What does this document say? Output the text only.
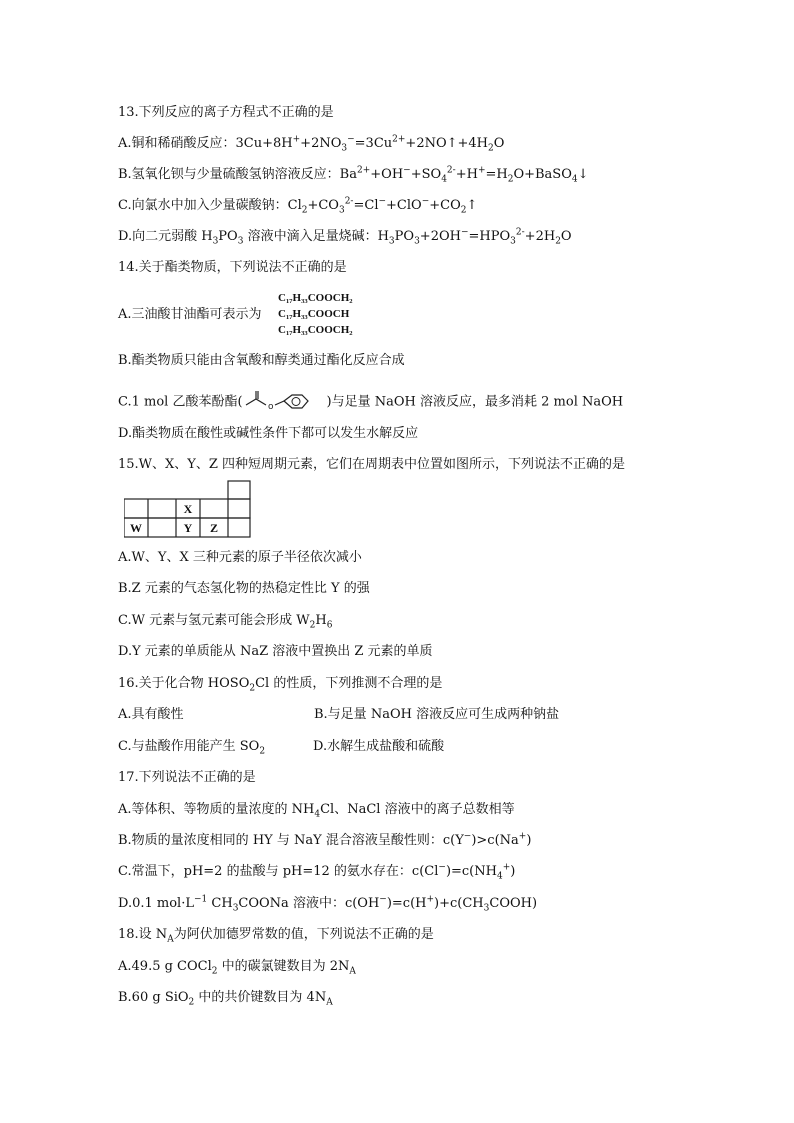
13.下列反应的离子方程式不正确的是
A.铜和稀硝酸反应：$3Cu+8H^++2NO_3^-=3Cu^{2+}+2NO↑+4H_2O$
B.氢氧化钡与少量硫酸氢钠溶液反应：$Ba^{2+}+OH^-+SO_4^{2-}+H^+=H_2O+BaSO_4↓$
C.向氯水中加入少量碳酸钠：$Cl_2+CO_3^{2-}=Cl^-+ClO^-+CO_2↑$
D.向二元弱酸 $H_3PO_3$ 溶液中滴入足量烧碱：$H_3PO_3+2OH^-=HPO_3^{2-}+2H_2O$
14.关于酯类物质，下列说法不正确的是
A.三油酸甘油酯可表示为
C₁₇H₃₃COOCH₂
C₁₇H₃₃COOCH
C₁₇H₃₃COOCH₂
B.酯类物质只能由含氧酸和醇类通过酯化反应合成
C.1 mol 乙酸苯酚酯(	o	)与足量 NaOH 溶液反应，最多消耗 2 mol NaOH
D.酯类物质在酸性或碱性条件下都可以发生水解反应
15.W、X、Y、Z 四种短周期元素，它们在周期表中位置如图所示，下列说法不正确的是
X
W	Y Z
A.W、Y、X 三种元素的原子半径依次减小
B.Z 元素的气态氢化物的热稳定性比 Y 的强
C.W 元素与氢元素可能会形成 $W_2H_6$
D.Y 元素的单质能从 NaZ 溶液中置换出 Z 元素的单质
16.关于化合物 $HOSO_2Cl$ 的性质，下列推测不合理的是
A.具有酸性	B.与足量 NaOH 溶液反应可生成两种钠盐
C.与盐酸作用能产生 $SO_2$	D.水解生成盐酸和硫酸
17.下列说法不正确的是
A.等体积、等物质的量浓度的 $NH_4Cl$、NaCl 溶液中的离子总数相等
B.物质的量浓度相同的 HY 与 NaY 混合溶液呈酸性则：c(Y−)>c(Na+)
C.常温下，pH=2 的盐酸与 pH=12 的氨水存在：$c(Cl^-)=c(NH_4^+)$
D.0.1 $mol\cdot L^{-1}$ $CH_3COONa$ 溶液中：$c(OH^-)=c(H^+)+c(CH_3COOH)$
18.设 $N_A$为阿伏加德罗常数的值，下列说法不正确的是
A.49.5 g COCl$_2$ 中的碳氯键数目为 $2N_A$
B.60 g SiO$_2$ 中的共价键数目为 $4N_A$
